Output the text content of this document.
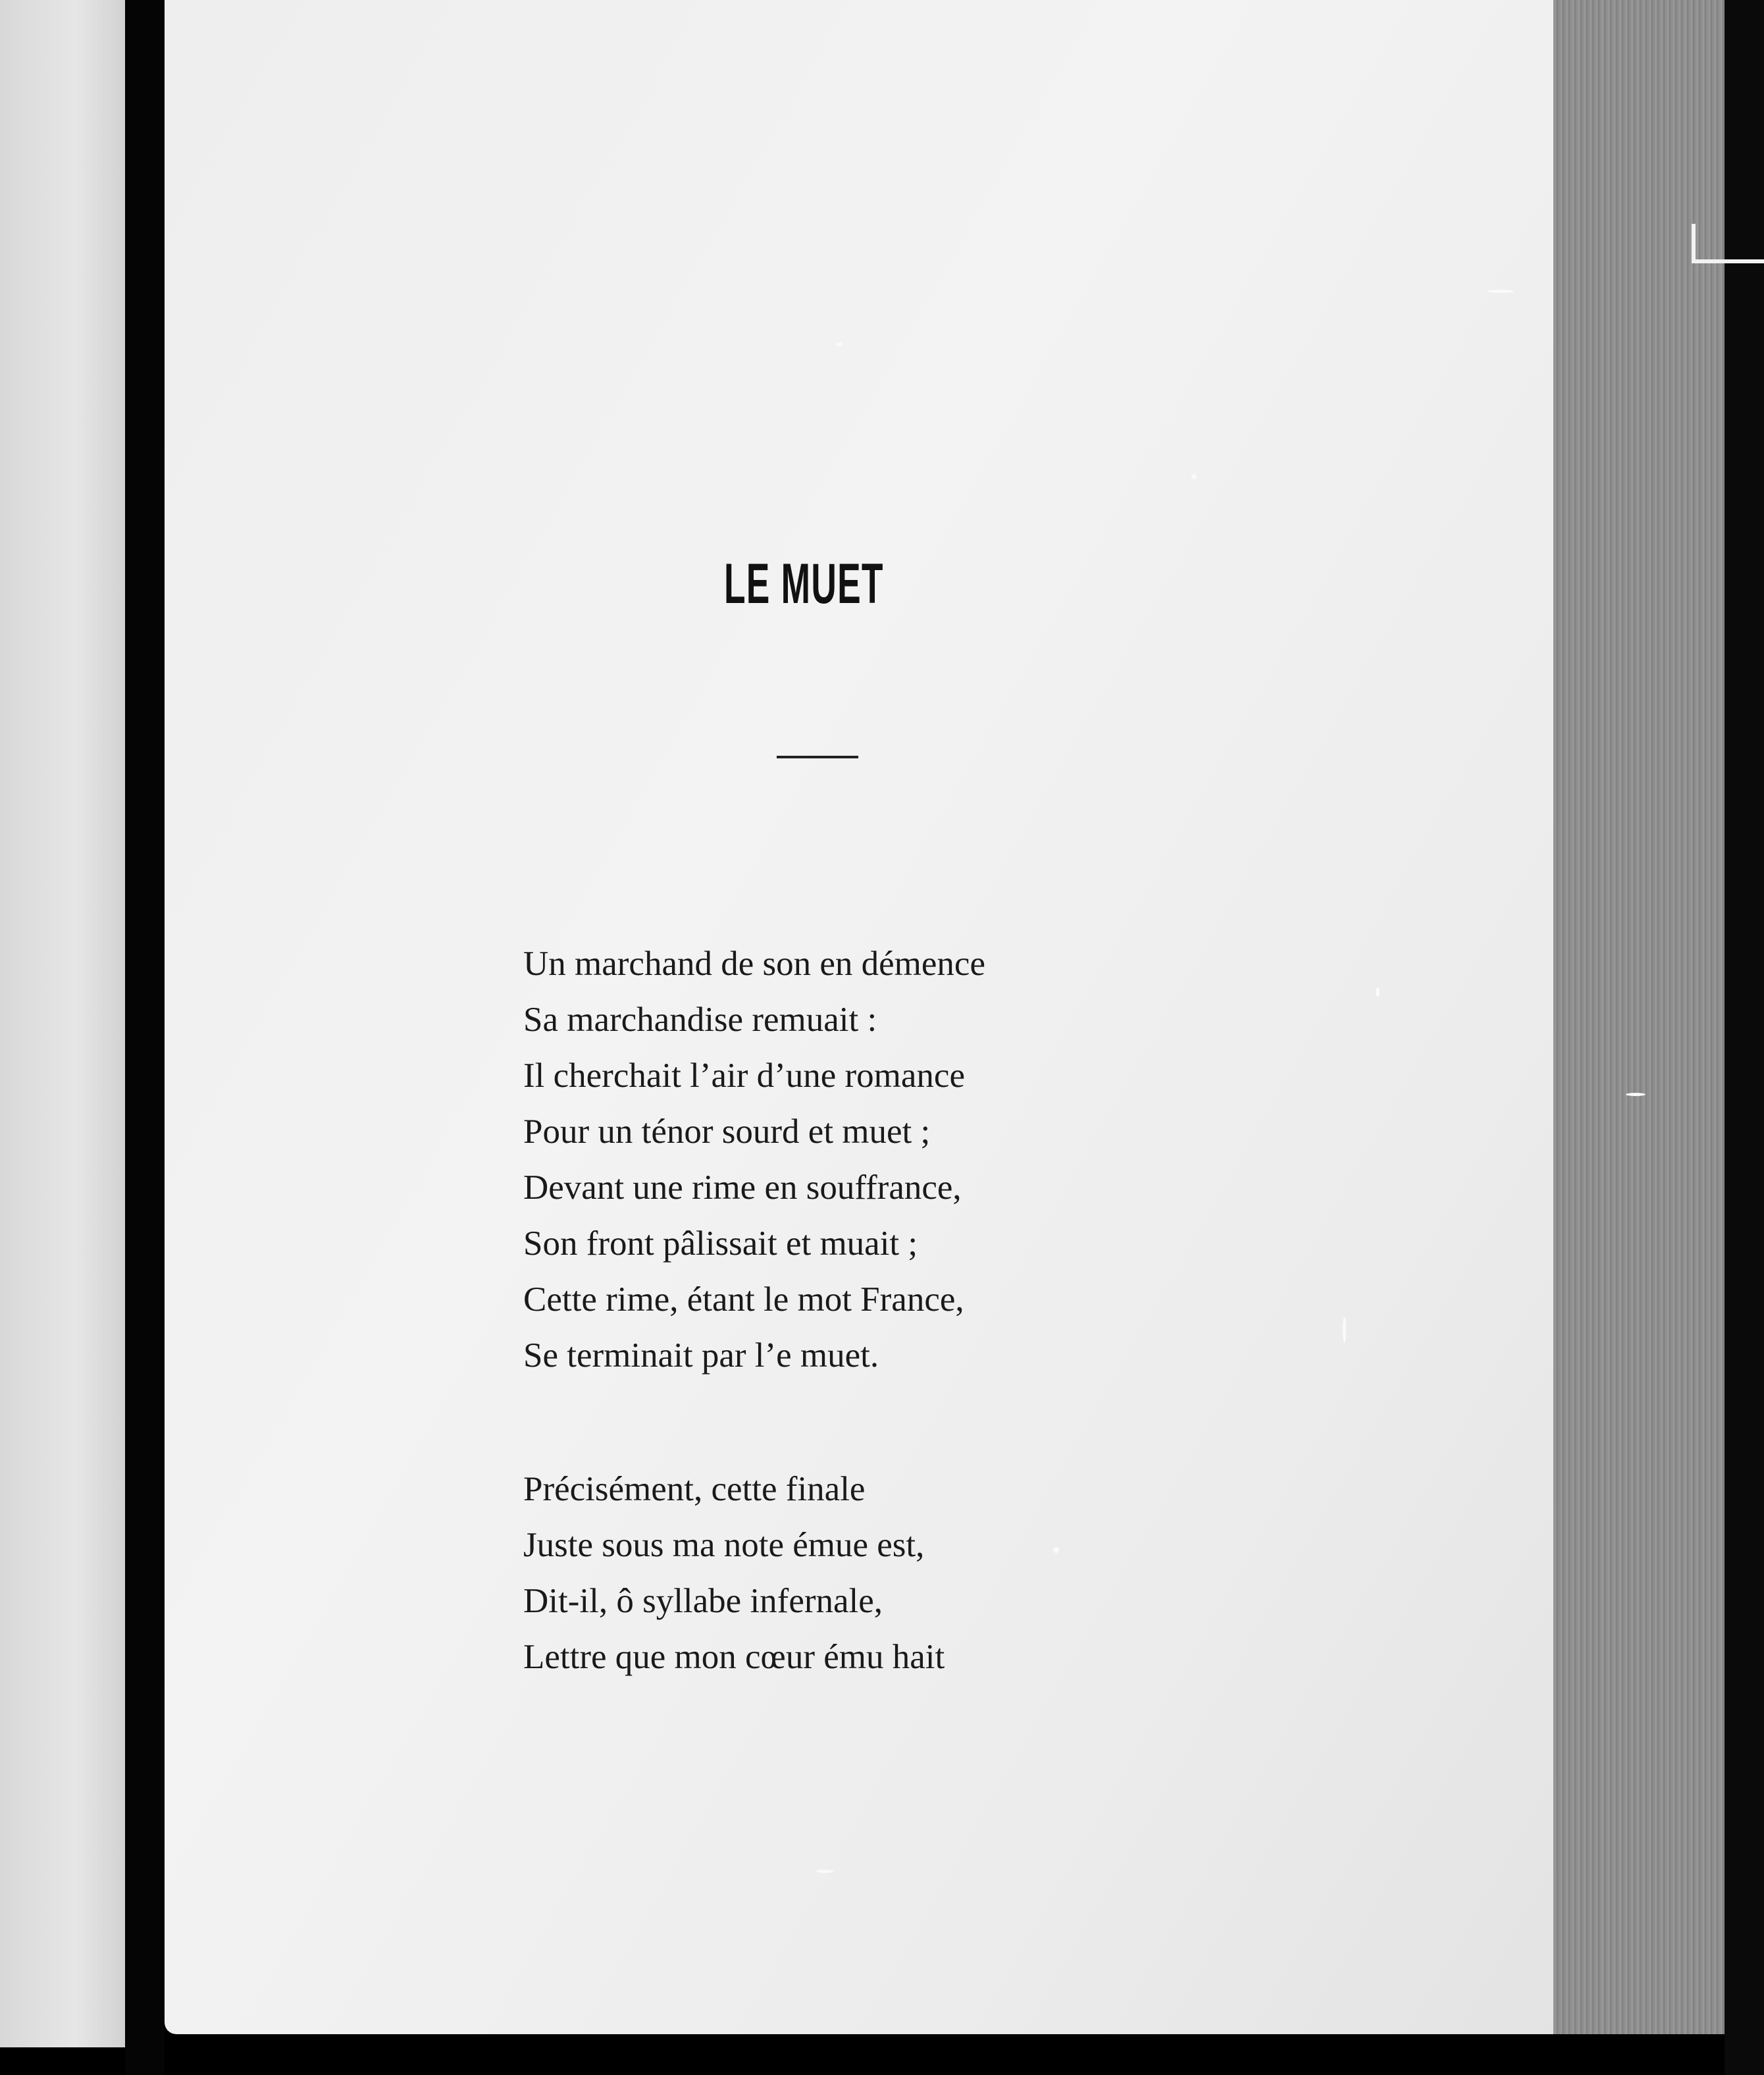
LE MUET
Un marchand de son en démence
Sa marchandise remuait :
Il cherchait l’air d’une romance
Pour un ténor sourd et muet ;
Devant une rime en souffrance,
Son front pâlissait et muait ;
Cette rime, étant le mot France,
Se terminait par l’e muet.
Précisément, cette finale
Juste sous ma note émue est,
Dit-il, ô syllabe infernale,
Lettre que mon cœur ému hait
